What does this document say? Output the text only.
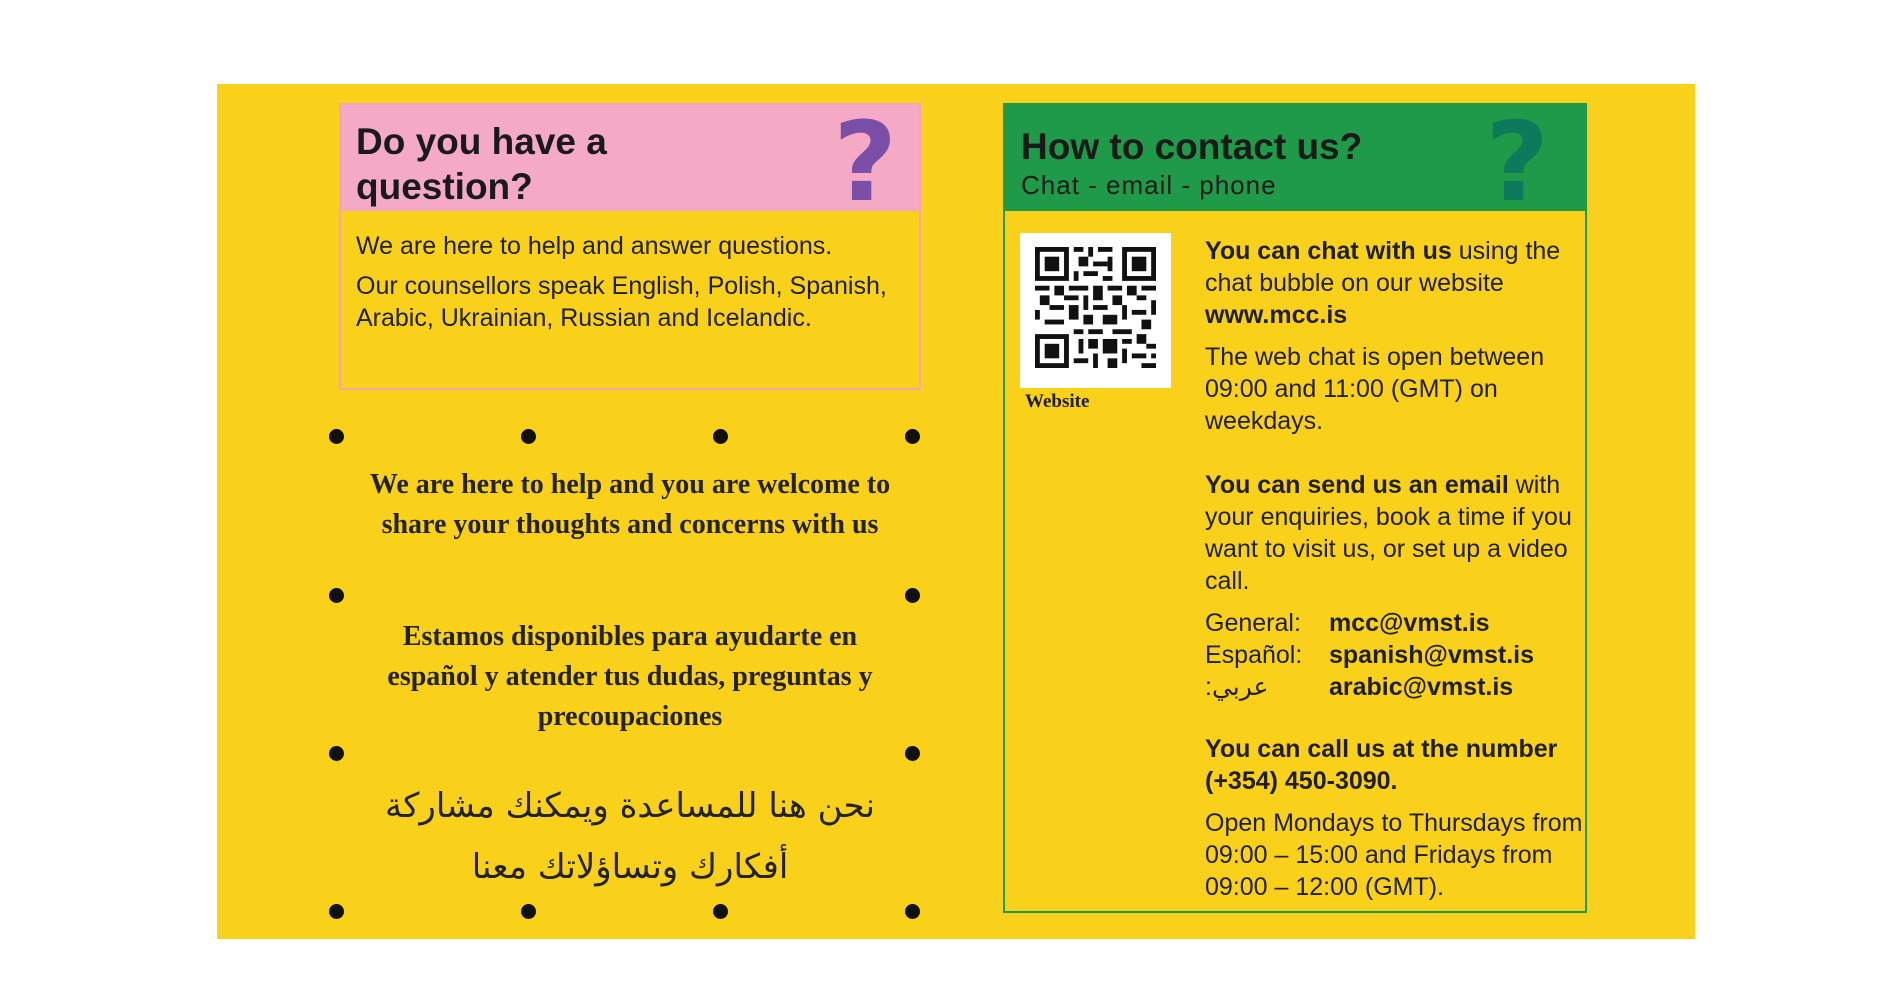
Do you have a question?	?

We are here to help and answer questions.

Our counsellors speak English, Polish, Spanish, Arabic, Ukrainian, Russian and Icelandic.

We are here to help and you are welcome to share your thoughts and concerns with us
Estamos disponibles para ayudarte en español y atender tus dudas, preguntas y precoupaciones
نحن هنا للمساعدة ويمكنك مشاركة أفكارك وتساؤلاتك معنا
How to contact us?
Chat - email - phone ?
Website

You can chat with us using the chat bubble on our website www.mcc.is

The web chat is open between 09:00 and 11:00 (GMT) on weekdays.

You can send us an email with your enquiries, book a time if you want to visit us, or set up a video call.

General:	mcc@vmst.is
Español:	spanish@vmst.is
عربي:	arabic@vmst.is

You can call us at the number (+354) 450-3090.

Open Mondays to Thursdays from 09:00 – 15:00 and Fridays from 09:00 – 12:00 (GMT).
